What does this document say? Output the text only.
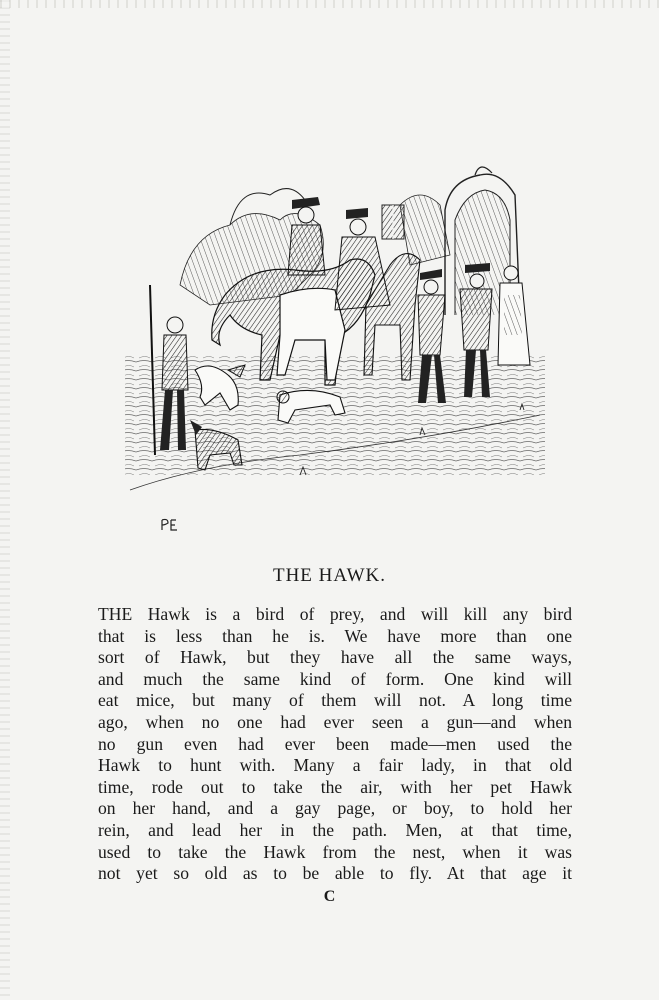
THE HAWK.
THE Hawk is a bird of prey, and will kill any bird
that is less than he is. We have more than one
sort of Hawk, but they have all the same ways,
and much the same kind of form. One kind will
eat mice, but many of them will not. A long time
ago, when no one had ever seen a gun—and when
no gun even had ever been made—men used the
Hawk to hunt with. Many a fair lady, in that old
time, rode out to take the air, with her pet Hawk
on her hand, and a gay page, or boy, to hold her
rein, and lead her in the path. Men, at that time,
used to take the Hawk from the nest, when it was
not yet so old as to be able to fly. At that age it
C
